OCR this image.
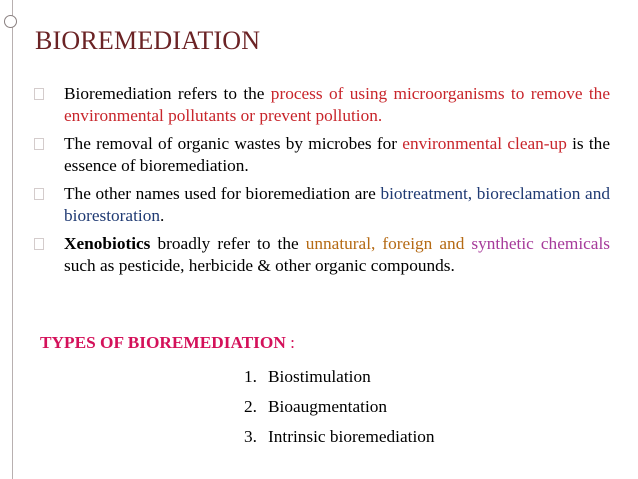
BIOREMEDIATION
Bioremediation refers to the process of using microorganisms to remove the environmental pollutants or prevent pollution.
The removal of organic wastes by microbes for environmental clean-up is the essence of bioremediation.
The other names used for bioremediation are biotreatment, bioreclamation and biorestoration.
Xenobiotics broadly refer to the unnatural, foreign and synthetic chemicals such as pesticide, herbicide & other organic compounds.

TYPES OF BIOREMEDIATION :

1. Biostimulation
2. Bioaugmentation
3. Intrinsic bioremediation
